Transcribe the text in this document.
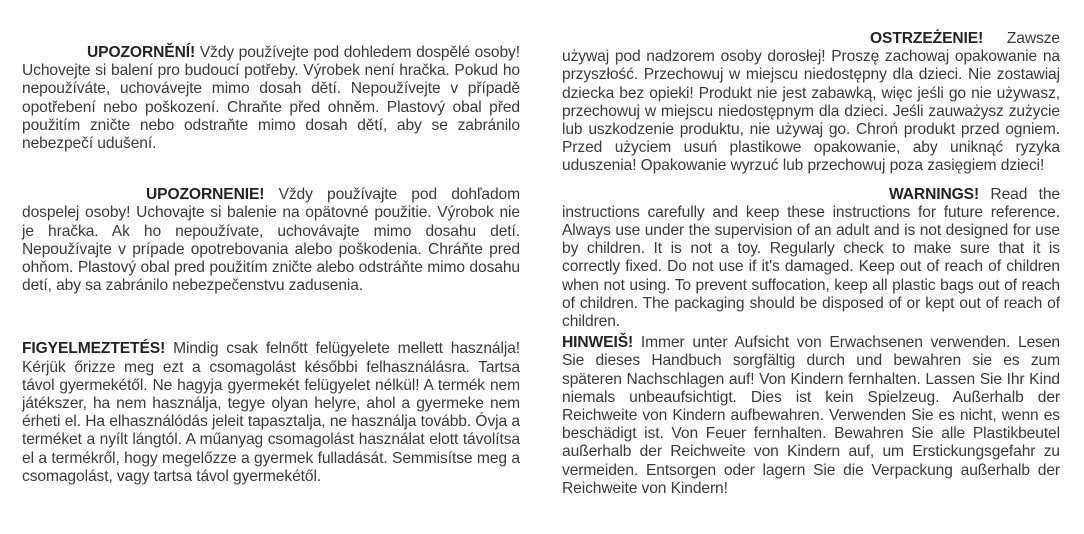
UPOZORNĚNÍ! Vždy používejte pod dohledem dospělé osoby! Uchovejte si balení pro budoucí potřeby. Výrobek není hračka. Pokud ho nepoužíváte, uchovávejte mimo dosah dětí. Nepoužívejte v případě opotřebení nebo poškození. Chraňte před ohněm. Plastový obal před použitím zničte nebo odstraňte mimo dosah dětí, aby se zabránilo nebezpečí udušení.

UPOZORNENIE! Vždy používajte pod dohľadom dospelej osoby! Uchovajte si balenie na opätovné použitie. Výrobok nie je hračka. Ak ho nepoužívate, uchovávajte mimo dosahu detí. Nepoužívajte v prípade opotrebovania alebo poškodenia. Chráňte pred ohňom. Plastový obal pred použitím zničte alebo odstráňte mimo dosahu detí, aby sa zabránilo nebezpečenstvu zadusenia.

FIGYELMEZTETÉS! Mindig csak felnőtt felügyelete mellett használja! Kérjük őrizze meg ezt a csomagolást későbbi felhasználásra. Tartsa távol gyermekétől. Ne hagyja gyermekét felügyelet nélkül! A termék nem játékszer, ha nem használja, tegye olyan helyre, ahol a gyermeke nem érheti el. Ha elhasználódás jeleit tapasztalja, ne használja tovább. Óvja a terméket a nyílt lángtól. A műanyag csomagolást használat elott távolítsa el a termékről, hogy megelőzze a gyermek fulladását. Semmisítse meg a csomagolást, vagy tartsa távol gyermekétől.

OSTRZEŻENIE! Zawsze używaj pod nadzorem osoby dorosłej! Proszę zachowaj opakowanie na przyszłość. Przechowuj w miejscu niedostępny dla dzieci. Nie zostawiaj dziecka bez opieki! Produkt nie jest zabawką, więc jeśli go nie używasz, przechowuj w miejscu niedostępnym dla dzieci. Jeśli zauważysz zużycie lub uszkodzenie produktu, nie używaj go. Chroń produkt przed ogniem. Przed użyciem usuń plastikowe opakowanie, aby uniknąć ryzyka uduszenia! Opakowanie wyrzuć lub przechowuj poza zasięgiem dzieci!

WARNINGS! Read the instructions carefully and keep these instructions for future reference. Always use under the supervision of an adult and is not designed for use by children. It is not a toy. Regularly check to make sure that it is correctly fixed. Do not use if it's damaged. Keep out of reach of children when not using. To prevent suffocation, keep all plastic bags out of reach of children. The packaging should be disposed of or kept out of reach of children.

HINWEIŠ! Immer unter Aufsicht von Erwachsenen verwenden. Lesen Sie dieses Handbuch sorgfältig durch und bewahren sie es zum späteren Nachschlagen auf! Von Kindern fernhalten. Lassen Sie Ihr Kind niemals unbeaufsichtigt. Dies ist kein Spielzeug. Außerhalb der Reichweite von Kindern aufbewahren. Verwenden Sie es nicht, wenn es beschädigt ist. Von Feuer fernhalten. Bewahren Sie alle Plastikbeutel außerhalb der Reichweite von Kindern auf, um Erstickungsgefahr zu vermeiden. Entsorgen oder lagern Sie die Verpackung außerhalb der Reichweite von Kindern!
